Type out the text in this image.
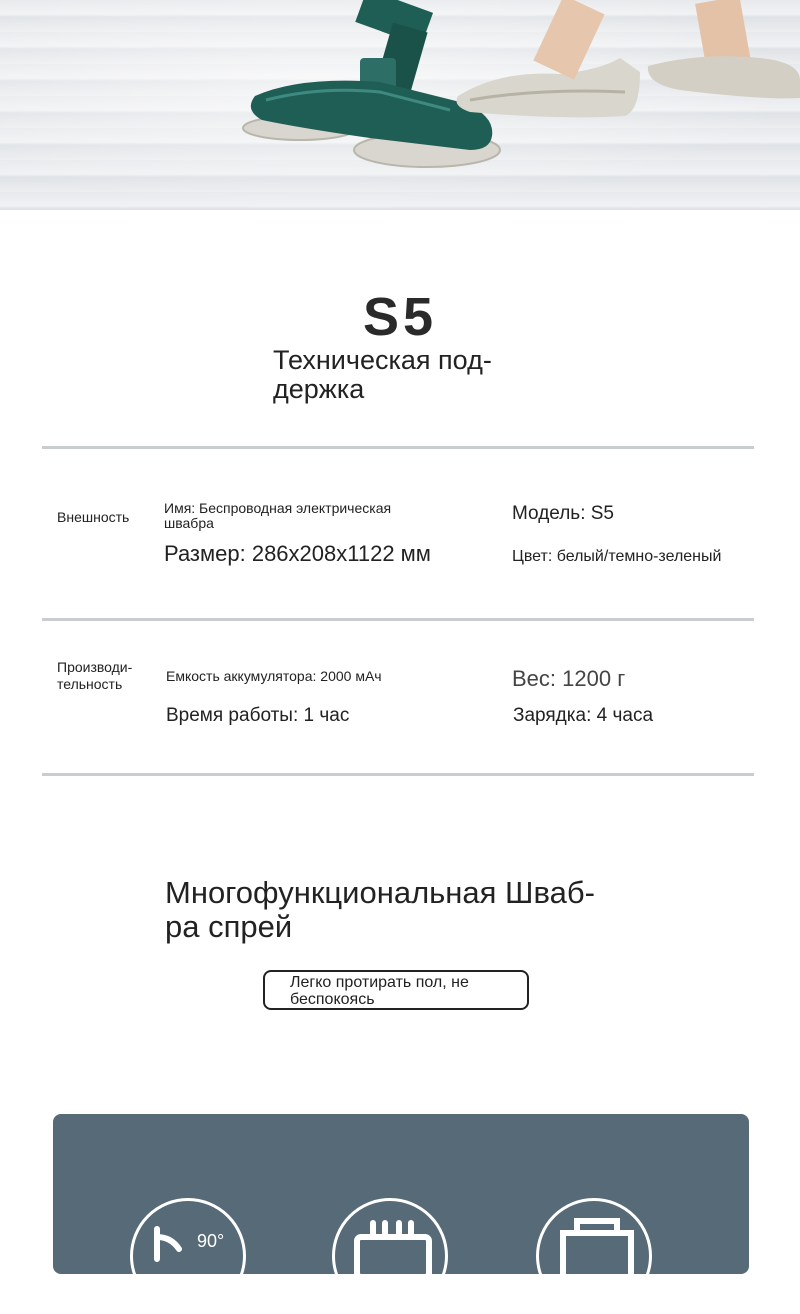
S5
Техническая под-
держка
Внешность
Имя: Беспроводная электрическая швабра	Модель: S5
Размер: 286x208x1122 мм	Цвет: белый/темно-зеленый
Производи-
тельность	Емкость аккумулятора: 2000 мАч	Вес: 1200 г
Время работы: 1 час	Зарядка: 4 часа
Многофункциональная Шваб-
ра спрей
Легко протирать пол, не беспокоясь
90°
